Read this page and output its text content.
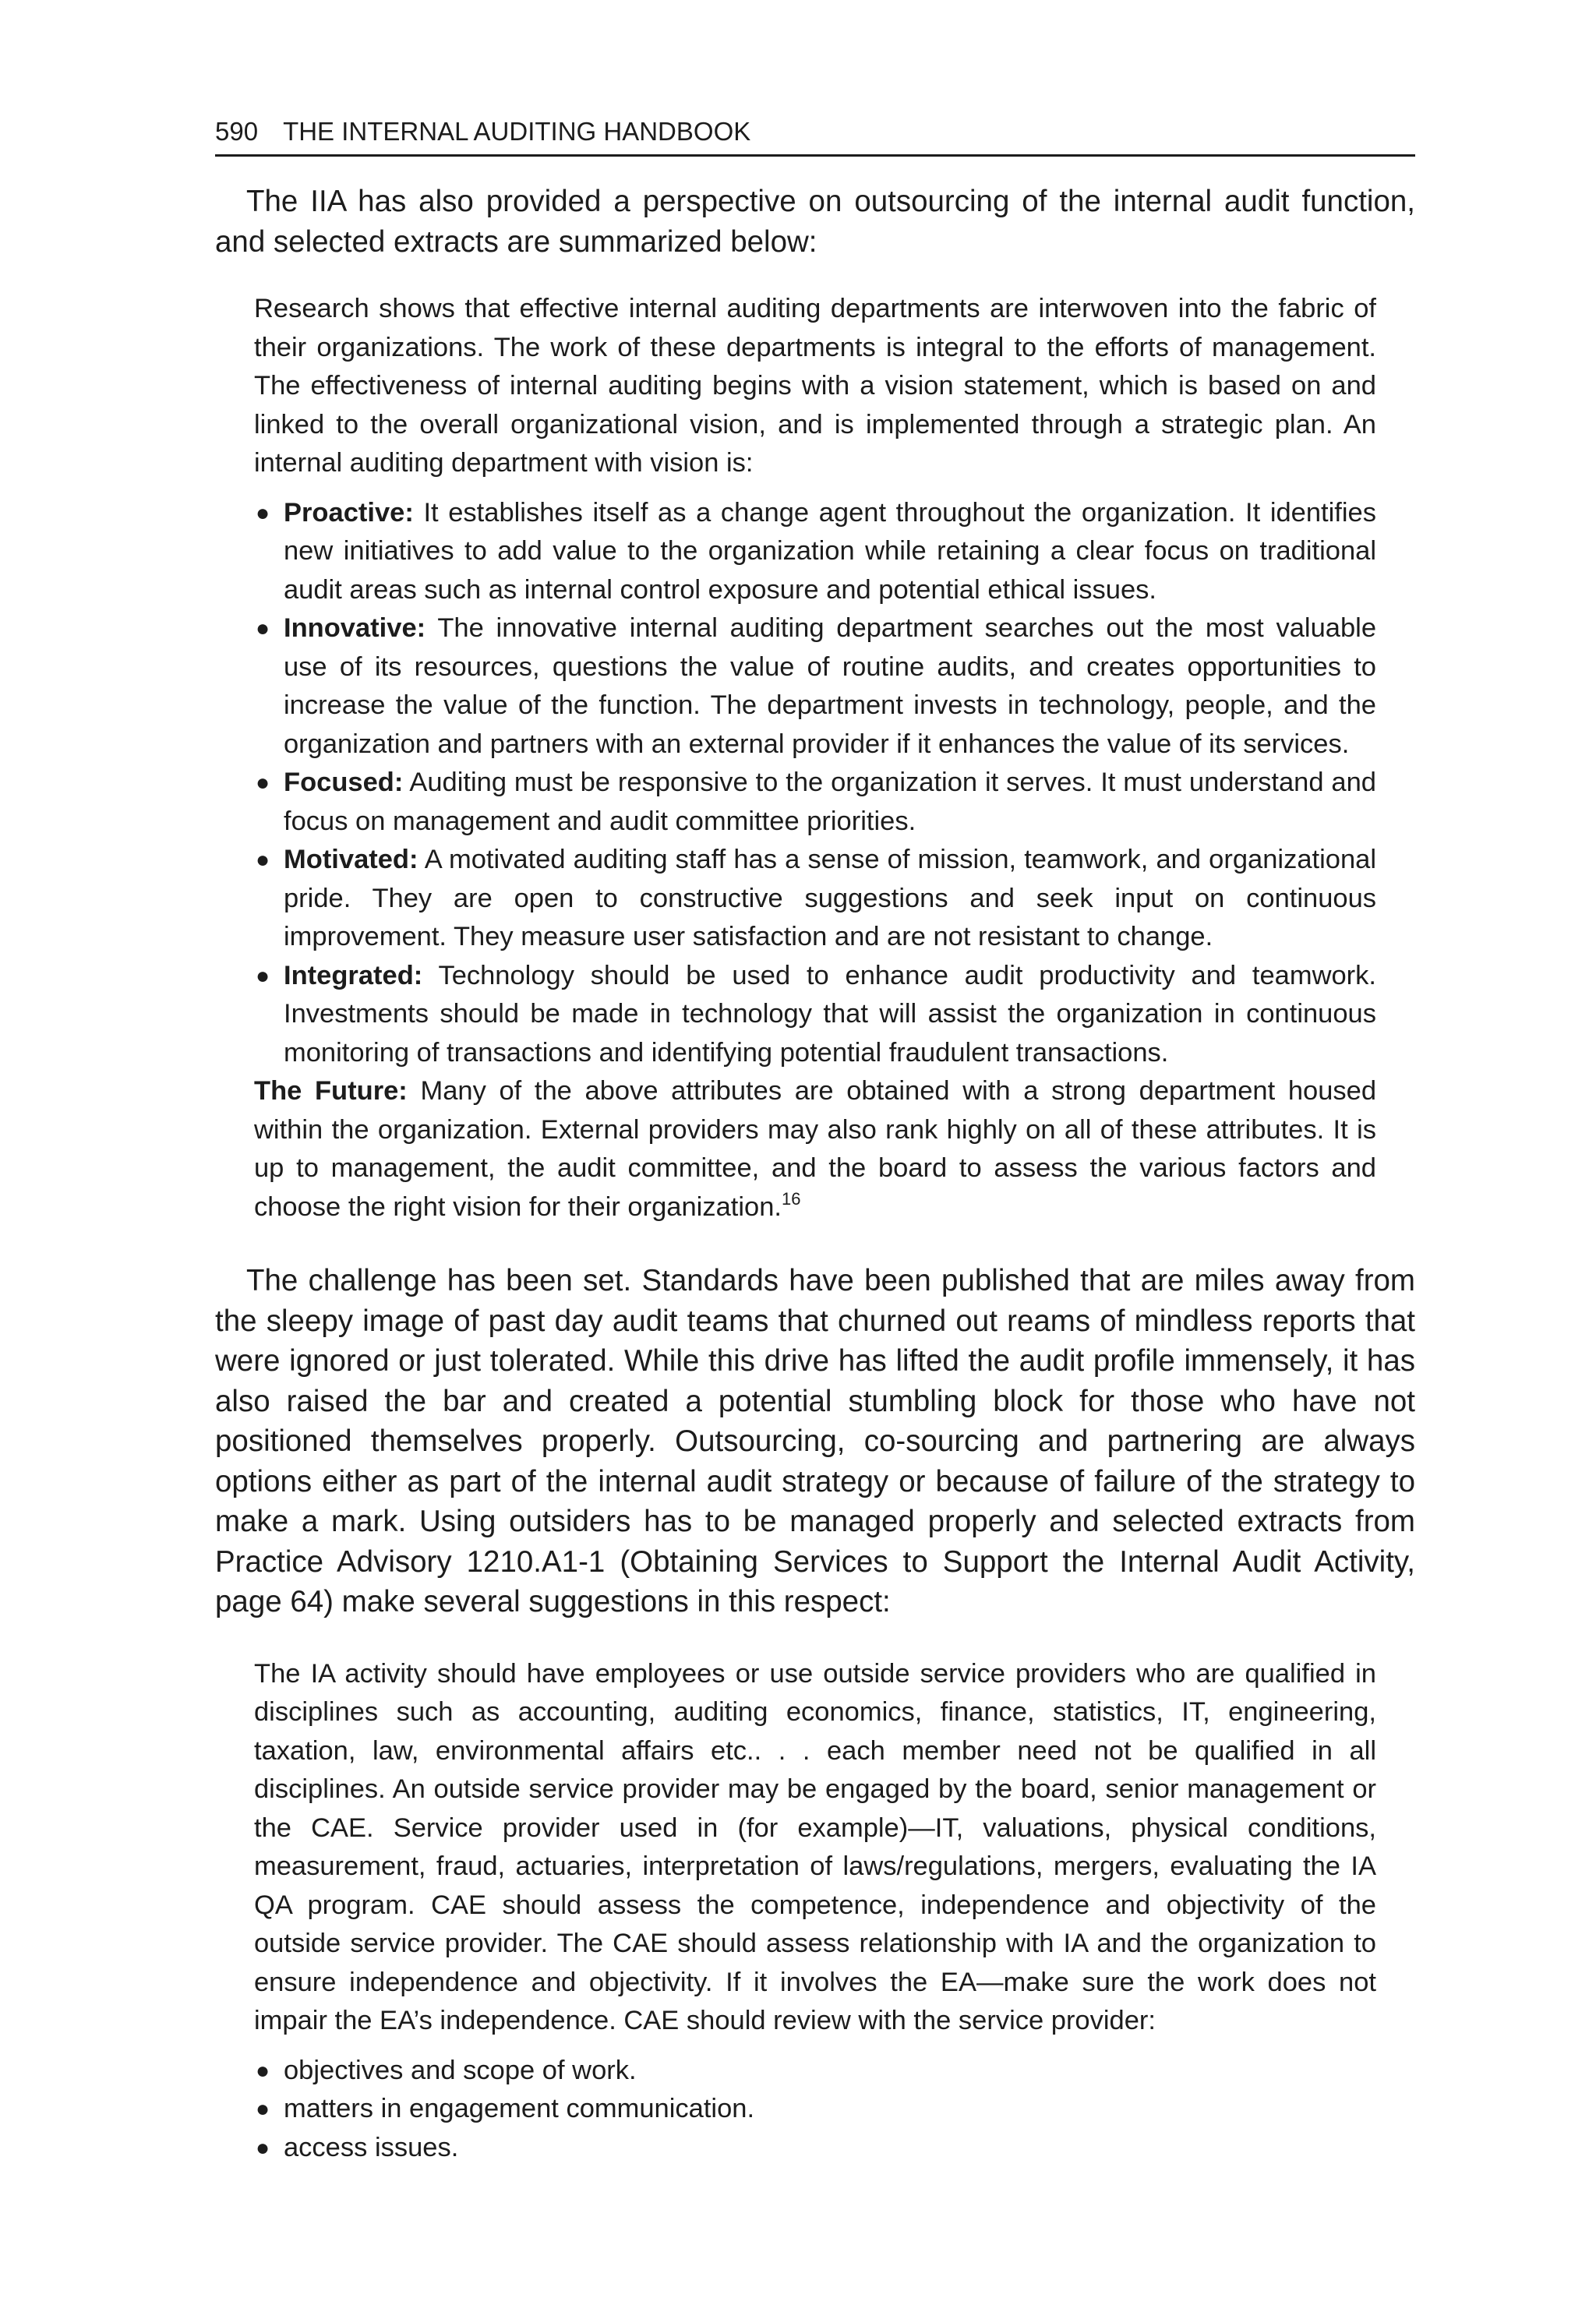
590 THE INTERNAL AUDITING HANDBOOK

The IIA has also provided a perspective on outsourcing of the internal audit function, and selected extracts are summarized below:

Research shows that effective internal auditing departments are interwoven into the fabric of their organizations. The work of these departments is integral to the efforts of management. The effectiveness of internal auditing begins with a vision statement, which is based on and linked to the overall organizational vision, and is implemented through a strategic plan. An internal auditing department with vision is:

● Proactive: It establishes itself as a change agent throughout the organization. It identifies new initiatives to add value to the organization while retaining a clear focus on traditional audit areas such as internal control exposure and potential ethical issues.
● Innovative: The innovative internal auditing department searches out the most valuable use of its resources, questions the value of routine audits, and creates opportunities to increase the value of the function. The department invests in technology, people, and the organization and partners with an external provider if it enhances the value of its services.
● Focused: Auditing must be responsive to the organization it serves. It must understand and focus on management and audit committee priorities.
● Motivated: A motivated auditing staff has a sense of mission, teamwork, and organizational pride. They are open to constructive suggestions and seek input on continuous improvement. They measure user satisfaction and are not resistant to change.
● Integrated: Technology should be used to enhance audit productivity and teamwork. Investments should be made in technology that will assist the organization in continuous monitoring of transactions and identifying potential fraudulent transactions.

The Future: Many of the above attributes are obtained with a strong department housed within the organization. External providers may also rank highly on all of these attributes. It is up to management, the audit committee, and the board to assess the various factors and choose the right vision for their organization.$^{16}$

The challenge has been set. Standards have been published that are miles away from the sleepy image of past day audit teams that churned out reams of mindless reports that were ignored or just tolerated. While this drive has lifted the audit profile immensely, it has also raised the bar and created a potential stumbling block for those who have not positioned themselves properly. Outsourcing, co-sourcing and partnering are always options either as part of the internal audit strategy or because of failure of the strategy to make a mark. Using outsiders has to be managed properly and selected extracts from Practice Advisory 1210.A1-1 (Obtaining Services to Support the Internal Audit Activity, page 64) make several suggestions in this respect:

The IA activity should have employees or use outside service providers who are qualified in disciplines such as accounting, auditing economics, finance, statistics, IT, engineering, taxation, law, environmental affairs etc.. . . each member need not be qualified in all disciplines. An outside service provider may be engaged by the board, senior management or the CAE. Service provider used in (for example)—IT, valuations, physical conditions, measurement, fraud, actuaries, interpretation of laws/regulations, mergers, evaluating the IA QA program. CAE should assess the competence, independence and objectivity of the outside service provider. The CAE should assess relationship with IA and the organization to ensure independence and objectivity. If it involves the EA—make sure the work does not impair the EA’s independence. CAE should review with the service provider:

● objectives and scope of work.
● matters in engagement communication.
● access issues.
